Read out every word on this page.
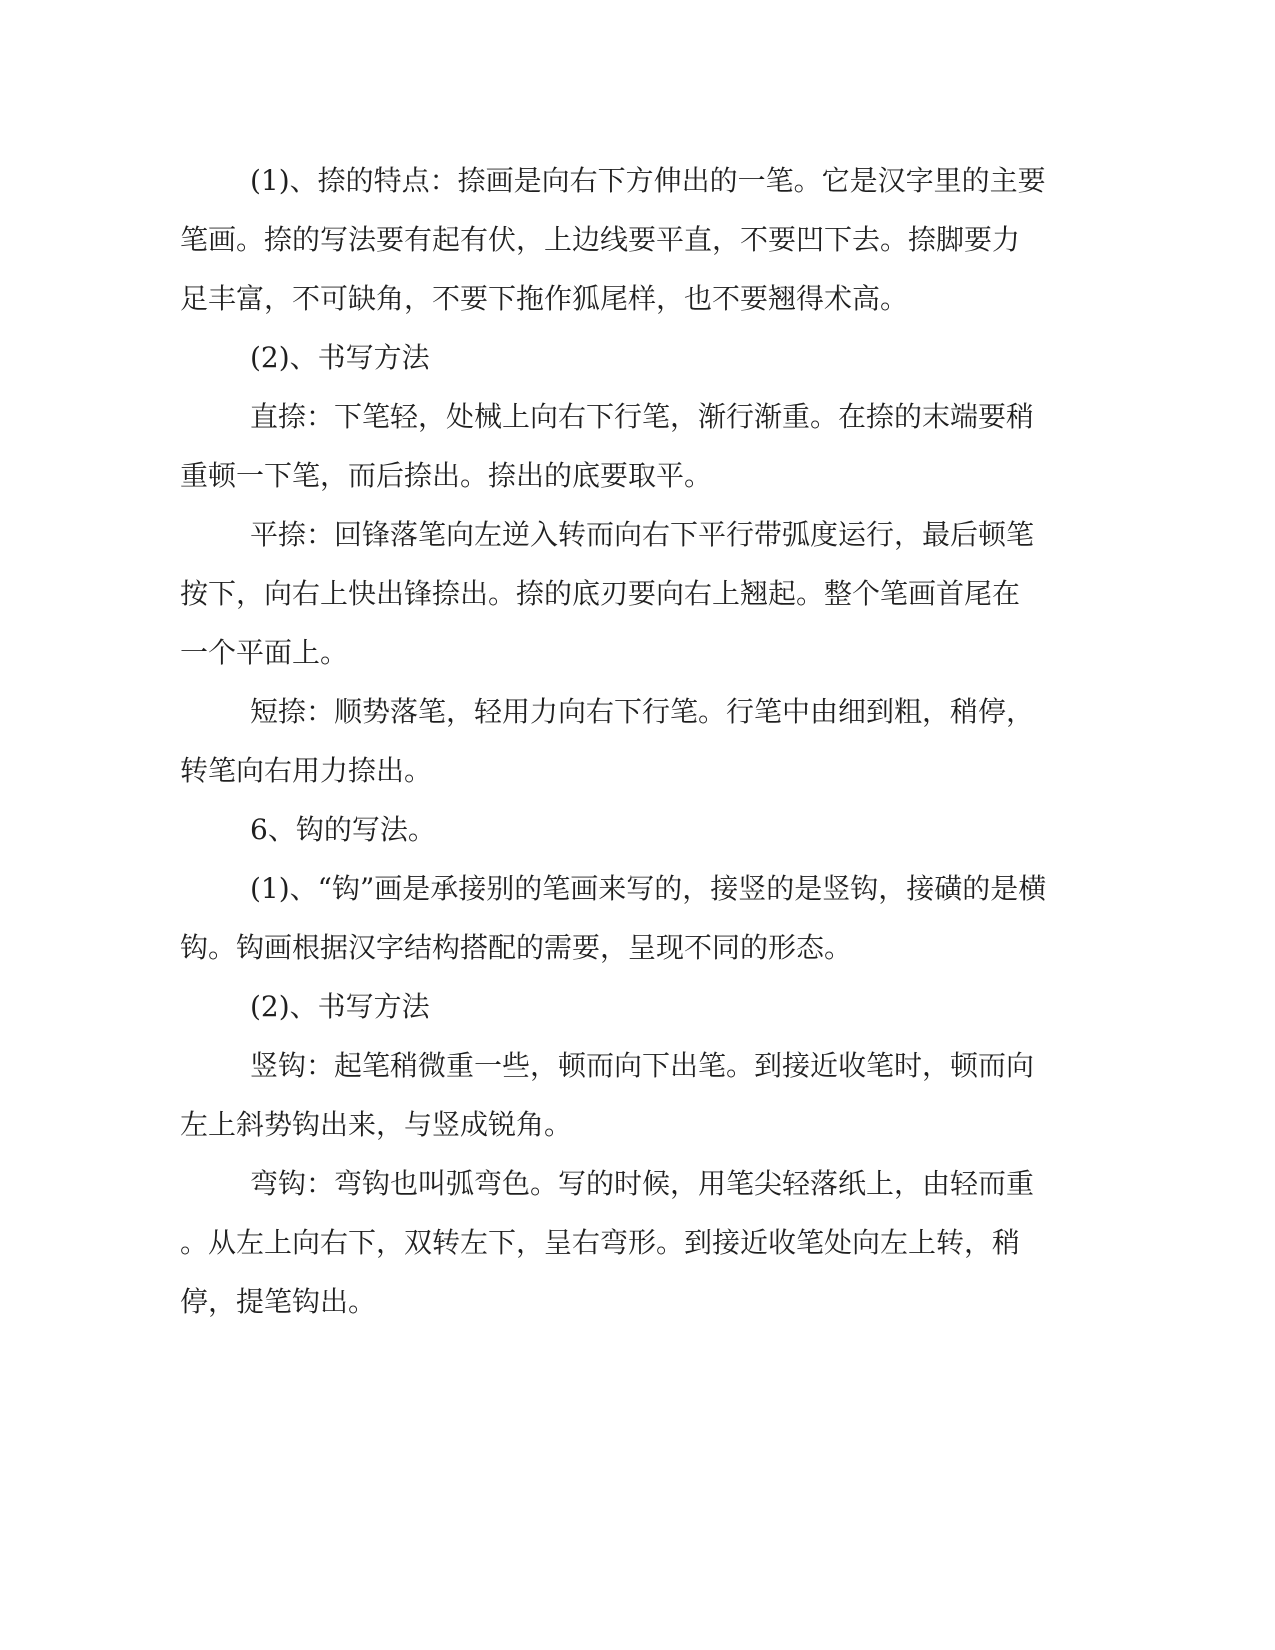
(1)、捺的特点：捺画是向右下方伸出的一笔。它是汉字里的主要
笔画。捺的写法要有起有伏，上边线要平直，不要凹下去。捺脚要力
足丰富，不可缺角，不要下拖作狐尾样，也不要翘得术高。
(2)、书写方法
直捺：下笔轻，处械上向右下行笔，渐行渐重。在捺的末端要稍
重顿一下笔，而后捺出。捺出的底要取平。
平捺：回锋落笔向左逆入转而向右下平行带弧度运行，最后顿笔
按下，向右上快出锋捺出。捺的底刃要向右上翘起。整个笔画首尾在
一个平面上。
短捺：顺势落笔，轻用力向右下行笔。行笔中由细到粗，稍停，
转笔向右用力捺出。
6、钩的写法。
(1)、“钩”画是承接别的笔画来写的，接竖的是竖钩，接磺的是横
钩。钩画根据汉字结构搭配的需要，呈现不同的形态。
(2)、书写方法
竖钩：起笔稍微重一些，顿而向下出笔。到接近收笔时，顿而向
左上斜势钩出来，与竖成锐角。
弯钩：弯钩也叫弧弯色。写的时候，用笔尖轻落纸上，由轻而重
。从左上向右下，双转左下，呈右弯形。到接近收笔处向左上转，稍
停，提笔钩出。
